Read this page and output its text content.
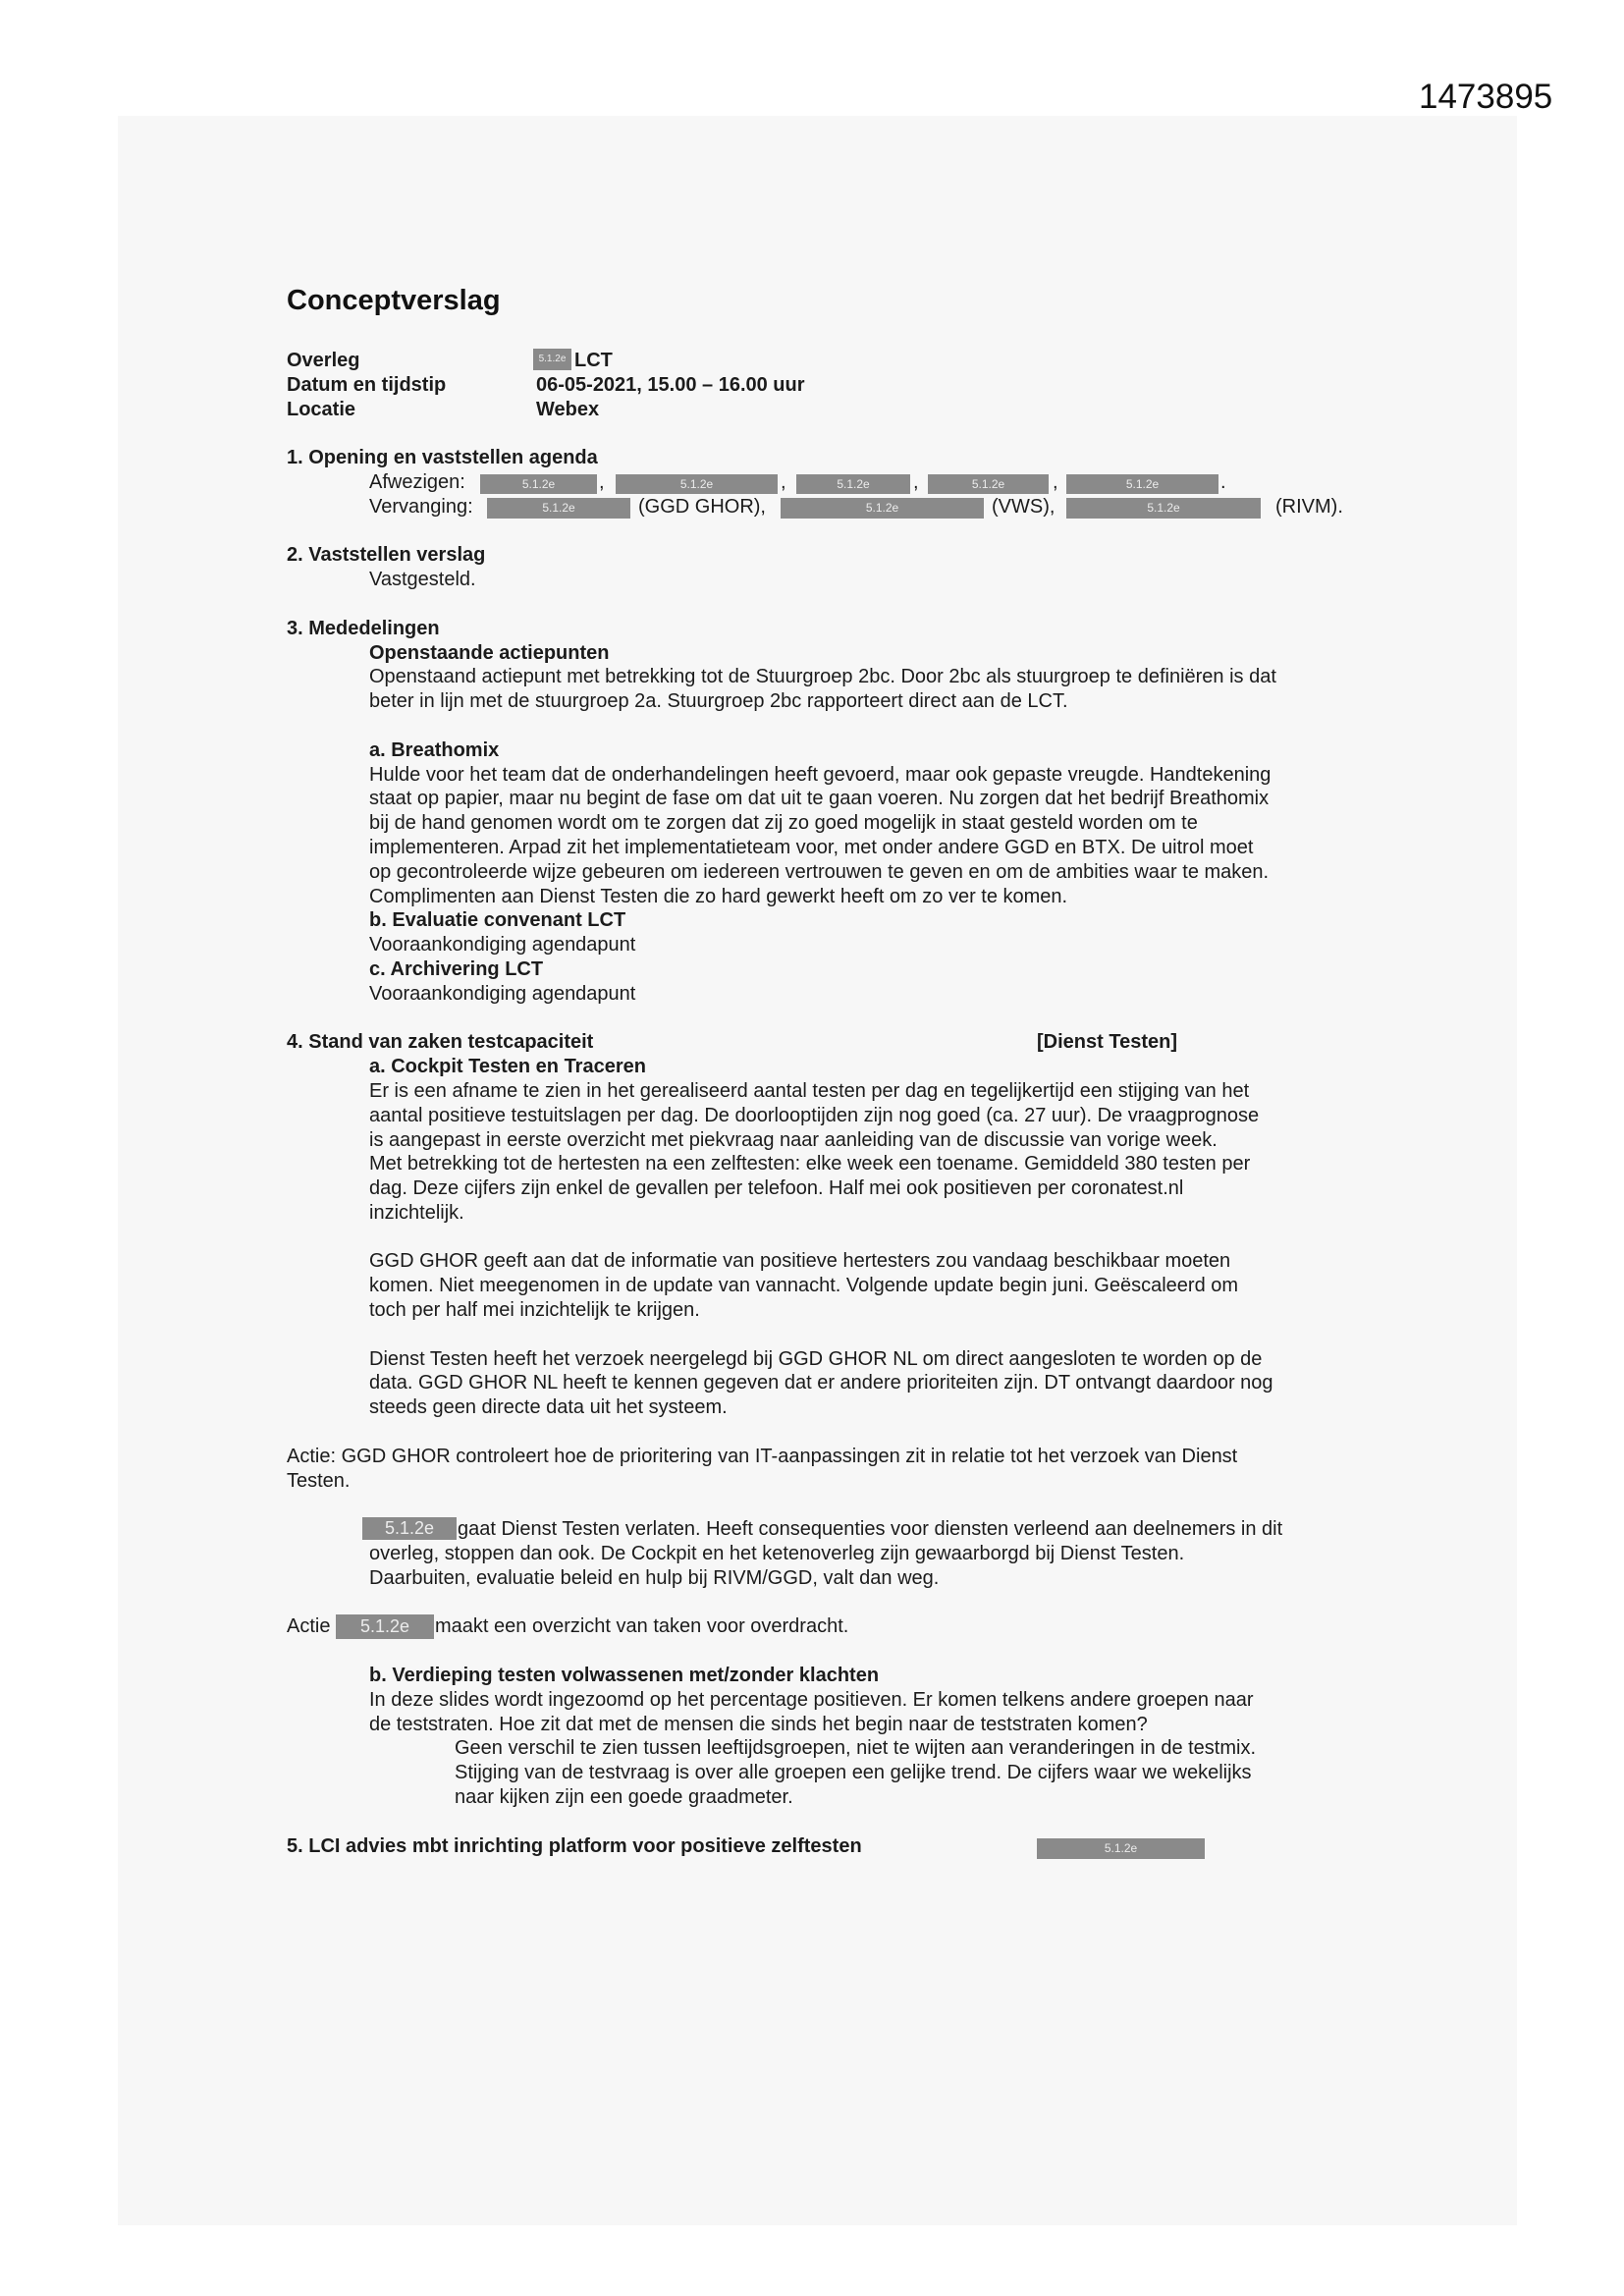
1473895
Conceptverslag
Overleg	5.1.2e LCT
Datum en tijdstip	06-05-2021, 15.00 – 16.00 uur
Locatie	Webex
1. Opening en vaststellen agenda
Afwezigen:	5.1.2e	,	5.1.2e	,	5.1.2e	,	5.1.2e	,	5.1.2e	.
Vervanging:	5.1.2e	(GGD GHOR),	5.1.2e	(VWS),	5.1.2e	(RIVM).
2. Vaststellen verslag
Vastgesteld.
3. Mededelingen
Openstaande actiepunten
Openstaand actiepunt met betrekking tot de Stuurgroep 2bc. Door 2bc als stuurgroep te definiëren is dat
beter in lijn met de stuurgroep 2a. Stuurgroep 2bc rapporteert direct aan de LCT.
a. Breathomix
Hulde voor het team dat de onderhandelingen heeft gevoerd, maar ook gepaste vreugde. Handtekening
staat op papier, maar nu begint de fase om dat uit te gaan voeren. Nu zorgen dat het bedrijf Breathomix
bij de hand genomen wordt om te zorgen dat zij zo goed mogelijk in staat gesteld worden om te
implementeren. Arpad zit het implementatieteam voor, met onder andere GGD en BTX. De uitrol moet
op gecontroleerde wijze gebeuren om iedereen vertrouwen te geven en om de ambities waar te maken.
Complimenten aan Dienst Testen die zo hard gewerkt heeft om zo ver te komen.
b. Evaluatie convenant LCT
Vooraankondiging agendapunt
c. Archivering LCT
Vooraankondiging agendapunt
4. Stand van zaken testcapaciteit	[Dienst Testen]
a. Cockpit Testen en Traceren
Er is een afname te zien in het gerealiseerd aantal testen per dag en tegelijkertijd een stijging van het
aantal positieve testuitslagen per dag. De doorlooptijden zijn nog goed (ca. 27 uur). De vraagprognose
is aangepast in eerste overzicht met piekvraag naar aanleiding van de discussie van vorige week.
Met betrekking tot de hertesten na een zelftesten: elke week een toename. Gemiddeld 380 testen per
dag. Deze cijfers zijn enkel de gevallen per telefoon. Half mei ook positieven per coronatest.nl
inzichtelijk.
GGD GHOR geeft aan dat de informatie van positieve hertesters zou vandaag beschikbaar moeten
komen. Niet meegenomen in de update van vannacht. Volgende update begin juni. Geëscaleerd om
toch per half mei inzichtelijk te krijgen.
Dienst Testen heeft het verzoek neergelegd bij GGD GHOR NL om direct aangesloten te worden op de
data. GGD GHOR NL heeft te kennen gegeven dat er andere prioriteiten zijn. DT ontvangt daardoor nog
steeds geen directe data uit het systeem.
Actie: GGD GHOR controleert hoe de prioritering van IT-aanpassingen zit in relatie tot het verzoek van Dienst
Testen.
5.1.2e	gaat Dienst Testen verlaten. Heeft consequenties voor diensten verleend aan deelnemers in dit
overleg, stoppen dan ook. De Cockpit en het ketenoverleg zijn gewaarborgd bij Dienst Testen.
Daarbuiten, evaluatie beleid en hulp bij RIVM/GGD, valt dan weg.
Actie	5.1.2e	maakt een overzicht van taken voor overdracht.
b. Verdieping testen volwassenen met/zonder klachten
In deze slides wordt ingezoomd op het percentage positieven. Er komen telkens andere groepen naar
de teststraten. Hoe zit dat met de mensen die sinds het begin naar de teststraten komen?
Geen verschil te zien tussen leeftijdsgroepen, niet te wijten aan veranderingen in de testmix.
Stijging van de testvraag is over alle groepen een gelijke trend. De cijfers waar we wekelijks
naar kijken zijn een goede graadmeter.
5. LCI advies mbt inrichting platform voor positieve zelftesten	5.1.2e
